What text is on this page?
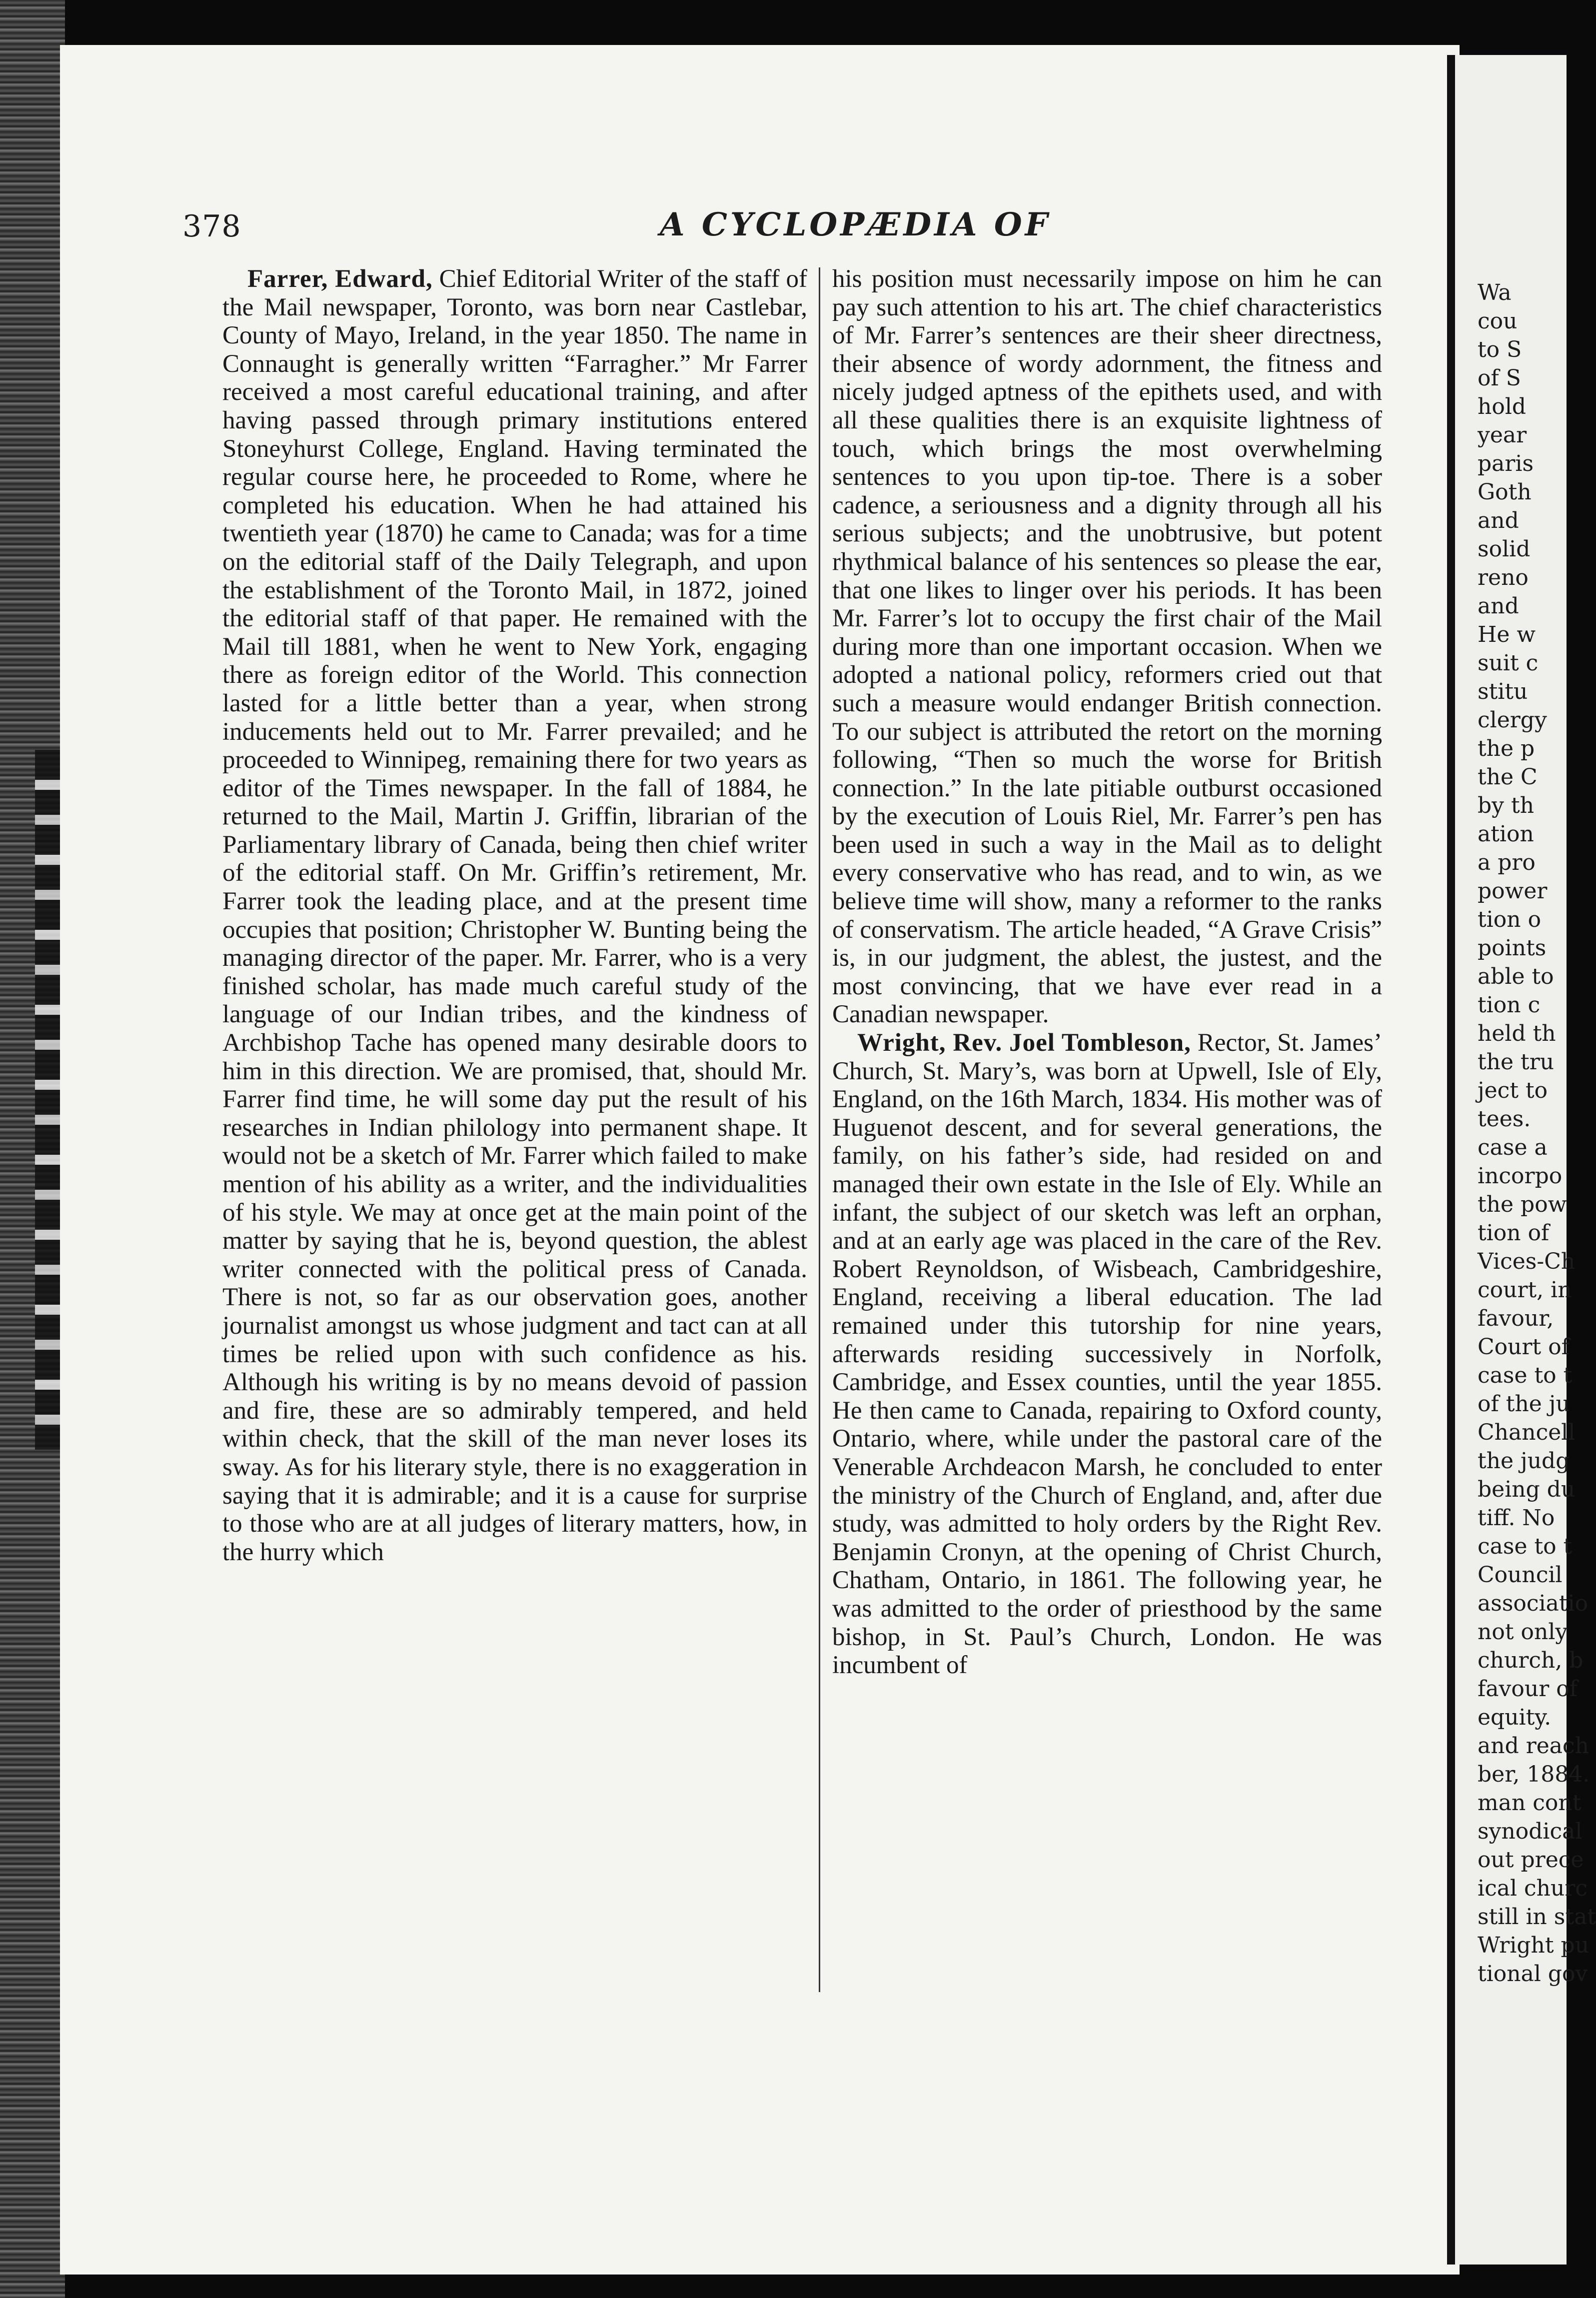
378	A CYCLOPÆDIA OF

Farrer, Edward, Chief Editorial Writer of the staff of the Mail newspaper, Toronto, was born near Castlebar, County of Mayo, Ireland, in the year 1850. The name in Connaught is generally written “Farragher.” Mr Farrer received a most careful educational training, and after having passed through primary institutions entered Stoneyhurst College, England. Having terminated the regular course here, he proceeded to Rome, where he completed his education. When he had attained his twentieth year (1870) he came to Canada; was for a time on the editorial staff of the Daily Telegraph, and upon the establishment of the Toronto Mail, in 1872, joined the editorial staff of that paper. He remained with the Mail till 1881, when he went to New York, engaging there as foreign editor of the World. This connection lasted for a little better than a year, when strong inducements held out to Mr. Farrer prevailed; and he proceeded to Winnipeg, remaining there for two years as editor of the Times newspaper. In the fall of 1884, he returned to the Mail, Martin J. Griffin, librarian of the Parliamentary library of Canada, being then chief writer of the editorial staff. On Mr. Griffin’s retirement, Mr. Farrer took the leading place, and at the present time occupies that position; Christopher W. Bunting being the managing director of the paper. Mr. Farrer, who is a very finished scholar, has made much careful study of the language of our Indian tribes, and the kindness of Archbishop Tache has opened many desirable doors to him in this direction. We are promised, that, should Mr. Farrer find time, he will some day put the result of his researches in Indian philology into permanent shape. It would not be a sketch of Mr. Farrer which failed to make mention of his ability as a writer, and the individualities of his style. We may at once get at the main point of the matter by saying that he is, beyond question, the ablest writer connected with the political press of Canada. There is not, so far as our observation goes, another journalist amongst us whose judgment and tact can at all times be relied upon with such confidence as his. Although his writing is by no means devoid of passion and fire, these are so admirably tempered, and held within check, that the skill of the man never loses its sway. As for his literary style, there is no exaggeration in saying that it is admirable; and it is a cause for surprise to those who are at all judges of literary matters, how, in the hurry which

his position must necessarily impose on him he can pay such attention to his art. The chief characteristics of Mr. Farrer’s sentences are their sheer directness, their absence of wordy adornment, the fitness and nicely judged aptness of the epithets used, and with all these qualities there is an exquisite lightness of touch, which brings the most overwhelming sentences to you upon tip-toe. There is a sober cadence, a seriousness and a dignity through all his serious subjects; and the unobtrusive, but potent rhythmical balance of his sentences so please the ear, that one likes to linger over his periods. It has been Mr. Farrer’s lot to occupy the first chair of the Mail during more than one important occasion. When we adopted a national policy, reformers cried out that such a measure would endanger British connection. To our subject is attributed the retort on the morning following, “Then so much the worse for British connection.” In the late pitiable outburst occasioned by the execution of Louis Riel, Mr. Farrer’s pen has been used in such a way in the Mail as to delight every conservative who has read, and to win, as we believe time will show, many a reformer to the ranks of conservatism. The article headed, “A Grave Crisis” is, in our judgment, the ablest, the justest, and the most convincing, that we have ever read in a Canadian newspaper.

Wright, Rev. Joel Tombleson, Rector, St. James’ Church, St. Mary’s, was born at Upwell, Isle of Ely, England, on the 16th March, 1834. His mother was of Huguenot descent, and for several generations, the family, on his father’s side, had resided on and managed their own estate in the Isle of Ely. While an infant, the subject of our sketch was left an orphan, and at an early age was placed in the care of the Rev. Robert Reynoldson, of Wisbeach, Cambridgeshire, England, receiving a liberal education. The lad remained under this tutorship for nine years, afterwards residing successively in Norfolk, Cambridge, and Essex counties, until the year 1855. He then came to Canada, repairing to Oxford county, Ontario, where, while under the pastoral care of the Venerable Archdeacon Marsh, he concluded to enter the ministry of the Church of England, and, after due study, was admitted to holy orders by the Right Rev. Benjamin Cronyn, at the opening of Christ Church, Chatham, Ontario, in 1861. The following year, he was admitted to the order of priesthood by the same bishop, in St. Paul’s Church, London. He was incumbent of

Wa
cou
to S
of S
hold
year
paris
Goth
and
solid
reno
and
He w
suit c
stitu
clergy
the p
the C
by th
ation
a pro
power
tion o
points
able to
tion c
held th
the tru
ject to
tees.
case a
incorpo
the pow
tion of
Vices-Ch
court, in
favour,
Court of
case to t
of the ju
Chancell
the judg
being du
tiff. No
case to t
Council
associatio
not only
church, b
favour of
equity.
and reach
ber, 1884.
man cont
synodical
out prece
ical churc
still in stat
Wright pu
tional gov
